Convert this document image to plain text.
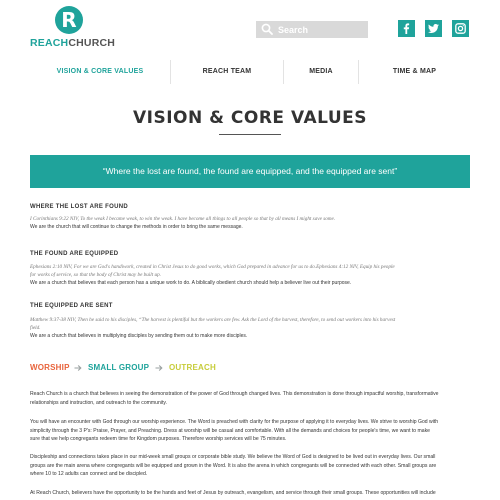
R
REACHCHURCH
Search
VISION & CORE VALUES	REACH TEAM	MEDIA	TIME & MAP
VISION & CORE VALUES
“Where the lost are found, the found are equipped, and the equipped are sent”
WHERE THE LOST ARE FOUND
I Corinthians 9:22 NIV, To the weak I became weak, to win the weak. I have become all things to all people so that by all means I might save some.
We are the church that will continue to change the methods in order to bring the same message.
THE FOUND ARE EQUIPPED
Ephesians 2:10 NIV, For we are God's handiwork, created in Christ Jesus to do good works, which God prepared in advance for us to do.Ephesians 4:12 NIV, Equip his people
for works of service, so that the body of Christ may be built up.
We are a church that believes that each person has a unique work to do. A biblically obedient church should help a believer live out their purpose.
THE EQUIPPED ARE SENT
Matthew 9:37-38 NIV, Then he said to his disciples, “The harvest is plentiful but the workers are few. Ask the Lord of the harvest, therefore, to send out workers into his harvest
field.
We are a church that believes in multiplying disciples by sending them out to make more disciples.
WORSHIP SMALL GROUP OUTREACH
Reach Church is a church that believes in seeing the demonstration of the power of God through changed lives. This demonstration is done through impactful worship, transformative
relationships and instruction, and outreach to the community.
You will have an encounter with God through our worship experience. The Word is preached with clarity for the purpose of applying it to everyday lives. We strive to worship God with
simplicity through the 3 P's: Praise, Prayer, and Preaching. Dress at worship will be casual and comfortable. With all the demands and choices for people's time, we want to make
sure that we help congregants redeem time for Kingdom purposes. Therefore worship services will be 75 minutes.
Discipleship and connections takes place in our mid-week small groups or corporate bible study. We believe the Word of God is designed to be lived out in everyday lives. Our small
groups are the main arena where congregants will be equipped and grown in the Word. It is also the arena in which congregants will be connected with each other. Small groups are
where 10 to 12 adults can connect and be discipled.
At Reach Church, believers have the opportunity to be the hands and feet of Jesus by outreach, evangelism, and service through their small groups. These opportunities will include
